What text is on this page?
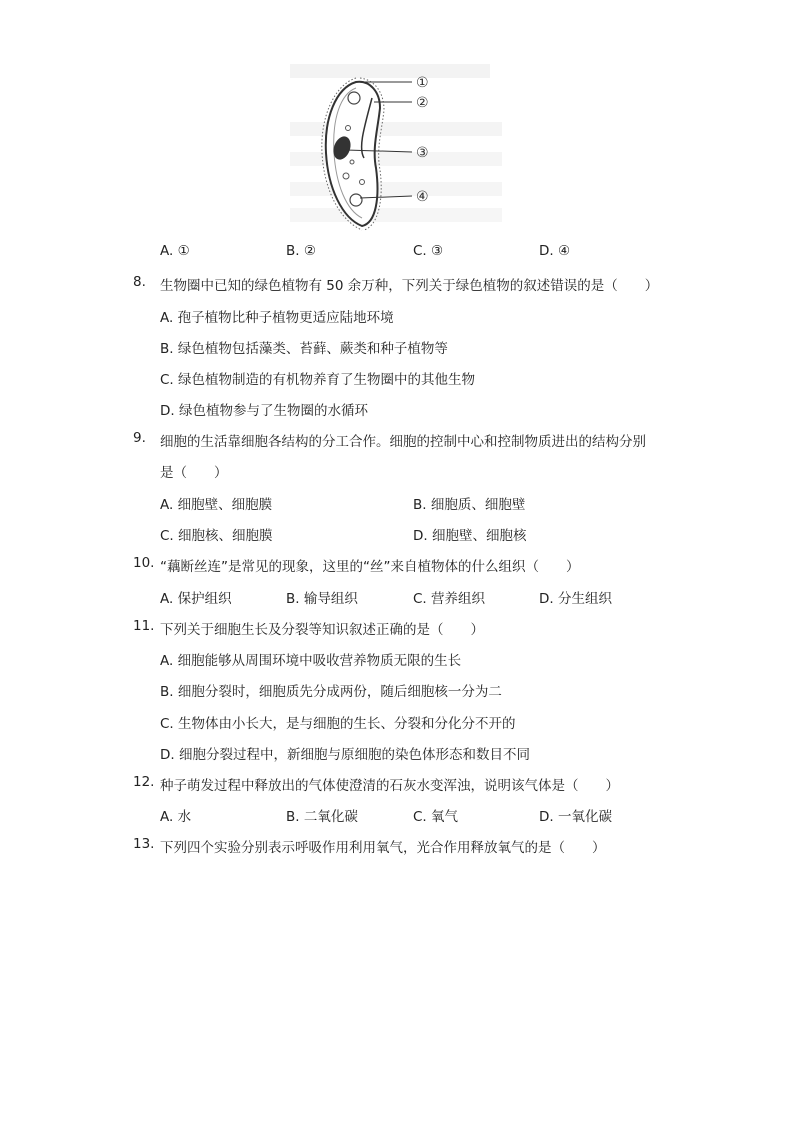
①
②
③
④
A. ①	B. ②	C. ③	D. ④
8. 生物圈中已知的绿色植物有 50 余万种，下列关于绿色植物的叙述错误的是（　　）
A. 孢子植物比种子植物更适应陆地环境
B. 绿色植物包括藻类、苔藓、蕨类和种子植物等
C. 绿色植物制造的有机物养育了生物圈中的其他生物
D. 绿色植物参与了生物圈的水循环
9. 细胞的生活靠细胞各结构的分工合作。细胞的控制中心和控制物质进出的结构分别
是（　　）
A. 细胞壁、细胞膜	B. 细胞质、细胞壁
C. 细胞核、细胞膜	D. 细胞壁、细胞核
10. “藕断丝连”是常见的现象，这里的“丝”来自植物体的什么组织（　　）
A. 保护组织	B. 输导组织	C. 营养组织	D. 分生组织
11. 下列关于细胞生长及分裂等知识叙述正确的是（　　）
A. 细胞能够从周围环境中吸收营养物质无限的生长
B. 细胞分裂时，细胞质先分成两份，随后细胞核一分为二
C. 生物体由小长大，是与细胞的生长、分裂和分化分不开的
D. 细胞分裂过程中，新细胞与原细胞的染色体形态和数目不同
12. 种子萌发过程中释放出的气体使澄清的石灰水变浑浊，说明该气体是（　　）
A. 水	B. 二氧化碳	C. 氧气	D. 一氧化碳
13. 下列四个实验分别表示呼吸作用利用氧气，光合作用释放氧气的是（　　）
